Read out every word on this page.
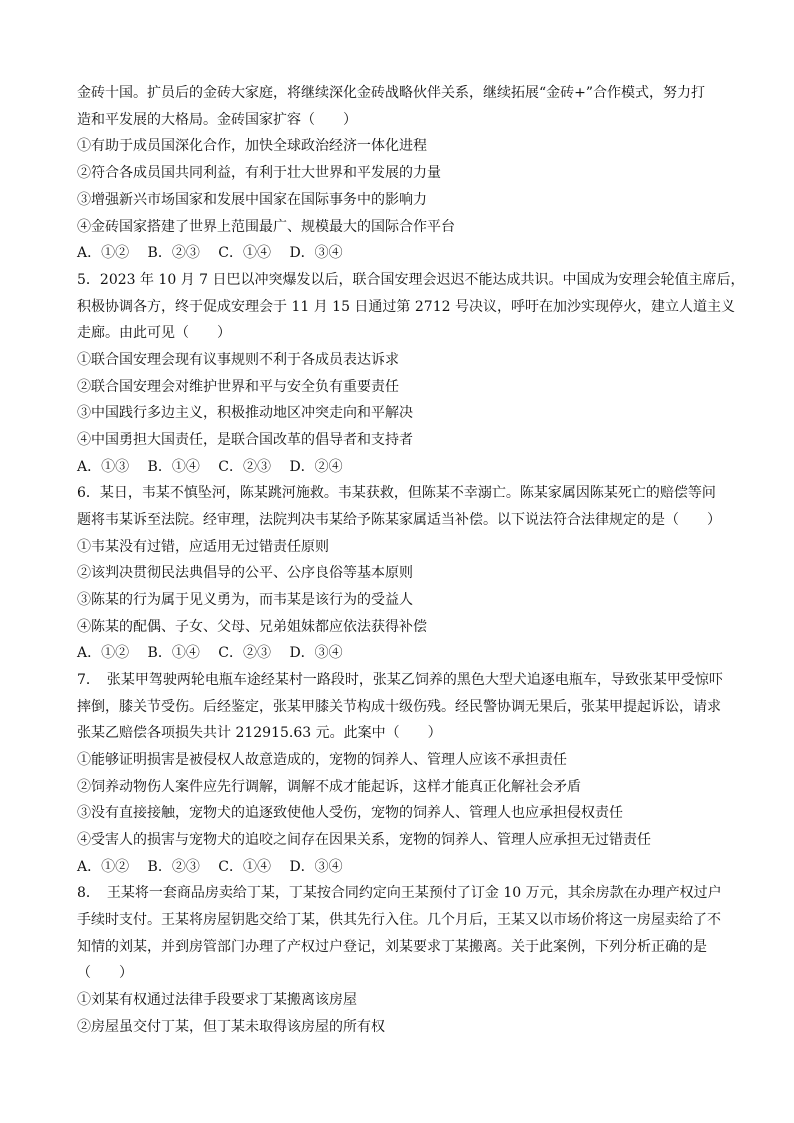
金砖十国。扩员后的金砖大家庭，将继续深化金砖战略伙伴关系，继续拓展“金砖+”合作模式，努力打
造和平发展的大格局。金砖国家扩容（　　）
①有助于成员国深化合作，加快全球政治经济一体化进程
②符合各成员国共同利益，有利于壮大世界和平发展的力量
③增强新兴市场国家和发展中国家在国际事务中的影响力
④金砖国家搭建了世界上范围最广、规模最大的国际合作平台
A．①②　 B．②③　 C．①④　 D．③④
5．2023 年 10 月 7 日巴以冲突爆发以后，联合国安理会迟迟不能达成共识。中国成为安理会轮值主席后，
积极协调各方，终于促成安理会于 11 月 15 日通过第 2712 号决议，呼吁在加沙实现停火，建立人道主义
走廊。由此可见（　　）
①联合国安理会现有议事规则不利于各成员表达诉求
②联合国安理会对维护世界和平与安全负有重要责任
③中国践行多边主义，积极推动地区冲突走向和平解决
④中国勇担大国责任，是联合国改革的倡导者和支持者
A．①③　 B．①④　 C．②③　 D．②④
6．某日，韦某不慎坠河，陈某跳河施救。韦某获救，但陈某不幸溺亡。陈某家属因陈某死亡的赔偿等问
题将韦某诉至法院。经审理，法院判决韦某给予陈某家属适当补偿。以下说法符合法律规定的是（　　）
①韦某没有过错，应适用无过错责任原则
②该判决贯彻民法典倡导的公平、公序良俗等基本原则
③陈某的行为属于见义勇为，而韦某是该行为的受益人
④陈某的配偶、子女、父母、兄弟姐妹都应依法获得补偿
A．①②　 B．①④　 C．②③　 D．③④
7．　张某甲驾驶两轮电瓶车途经某村一路段时，张某乙饲养的黑色大型犬追逐电瓶车，导致张某甲受惊吓
摔倒，膝关节受伤。后经鉴定，张某甲膝关节构成十级伤残。经民警协调无果后，张某甲提起诉讼，请求
张某乙赔偿各项损失共计 212915.63 元。此案中（　　）
①能够证明损害是被侵权人故意造成的，宠物的饲养人、管理人应该不承担责任
②饲养动物伤人案件应先行调解，调解不成才能起诉，这样才能真正化解社会矛盾
③没有直接接触，宠物犬的追逐致使他人受伤，宠物的饲养人、管理人也应承担侵权责任
④受害人的损害与宠物犬的追咬之间存在因果关系，宠物的饲养人、管理人应承担无过错责任
A．①②　 B．②③　 C．①④　 D．③④
8．　王某将一套商品房卖给丁某，丁某按合同约定向王某预付了订金 10 万元，其余房款在办理产权过户
手续时支付。王某将房屋钥匙交给丁某，供其先行入住。几个月后，王某又以市场价将这一房屋卖给了不
知情的刘某，并到房管部门办理了产权过户登记，刘某要求丁某搬离。关于此案例，下列分析正确的是
（　　）
①刘某有权通过法律手段要求丁某搬离该房屋
②房屋虽交付丁某，但丁某未取得该房屋的所有权
